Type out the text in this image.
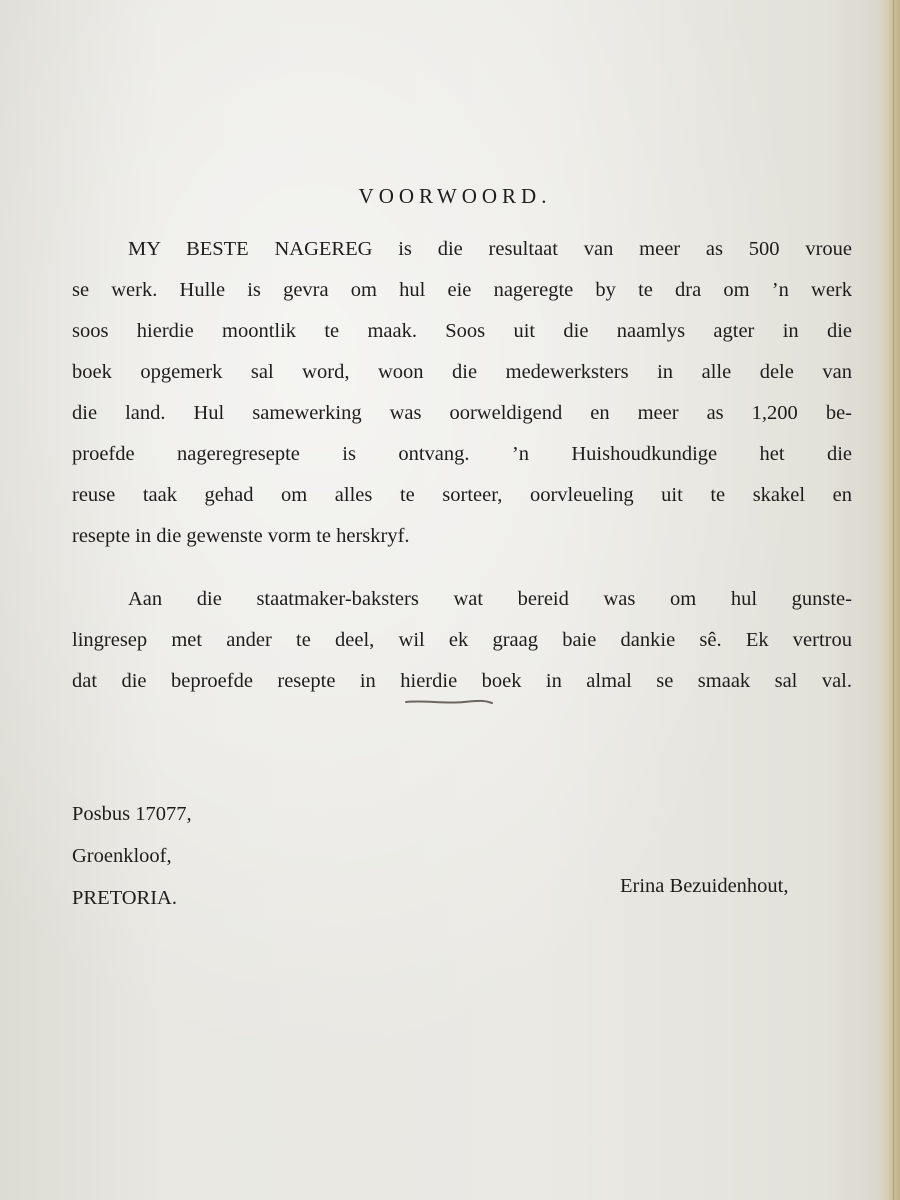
VOORWOORD.

MY BESTE NAGEREG is die resultaat van meer as 500 vroue
se werk. Hulle is gevra om hul eie nageregte by te dra om ’n werk
soos hierdie moontlik te maak. Soos uit die naamlys agter in die
boek opgemerk sal word, woon die medewerksters in alle dele van
die land. Hul samewerking was oorweldigend en meer as 1,200 be-
proefde nageregresepte is ontvang. ’n Huishoudkundige het die
reuse taak gehad om alles te sorteer, oorvleueling uit te skakel en
resepte in die gewenste vorm te herskryf.

Aan die staatmaker-baksters wat bereid was om hul gunste-
lingresep met ander te deel, wil ek graag baie dankie sê. Ek vertrou
dat die beproefde resepte in hierdie boek in almal se smaak sal val.

Posbus 17077,
Groenkloof,
PRETORIA.
Erina Bezuidenhout,
